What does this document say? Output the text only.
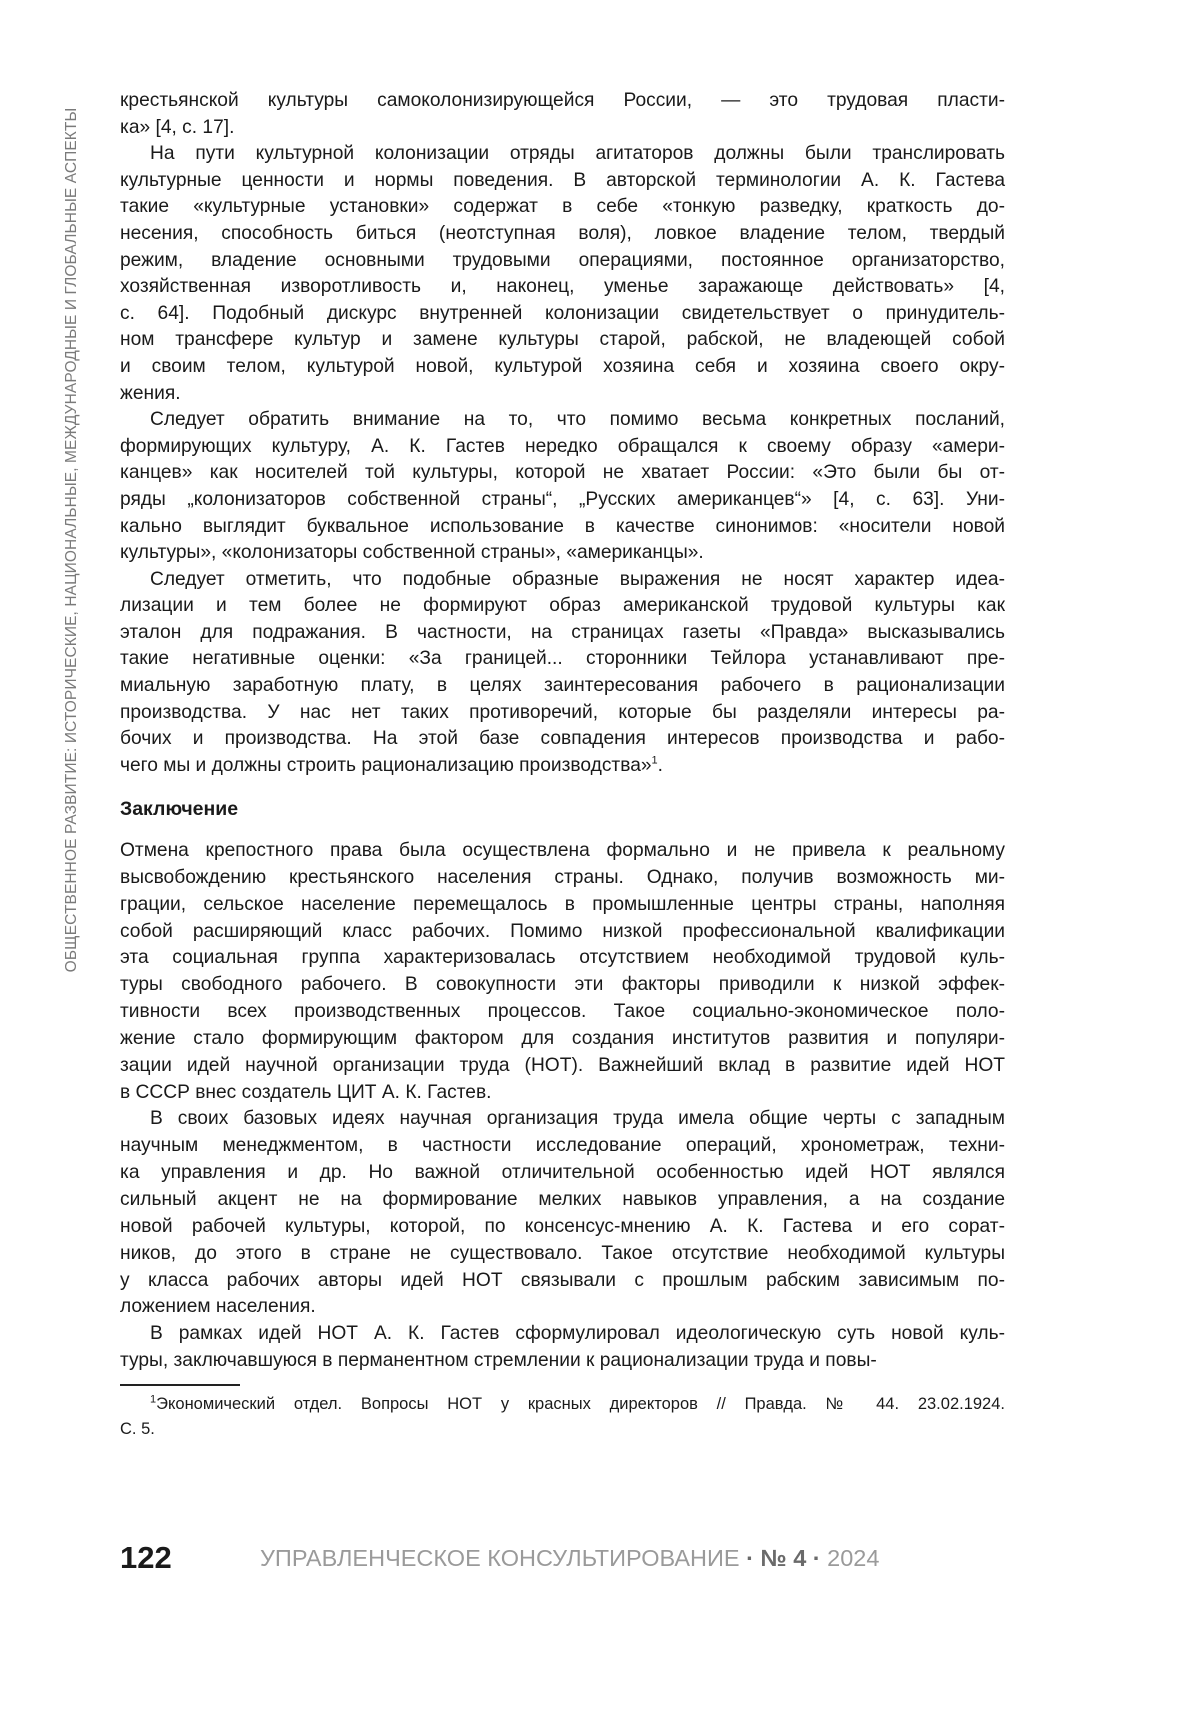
ОБЩЕСТВЕННОЕ РАЗВИТИЕ: ИСТОРИЧЕСКИЕ, НАЦИОНАЛЬНЫЕ, МЕЖДУНАРОДНЫЕ И ГЛОБАЛЬНЫЕ АСПЕКТЫ
крестьянской культуры самоколонизирующейся России, — это трудовая пласти-
ка» [4, с. 17].
На пути культурной колонизации отряды агитаторов должны были транслировать
культурные ценности и нормы поведения. В авторской терминологии А. К. Гастева
такие «культурные установки» содержат в себе «тонкую разведку, краткость до-
несения, способность биться (неотступная воля), ловкое владение телом, твердый
режим, владение основными трудовыми операциями, постоянное организаторство,
хозяйственная изворотливость и, наконец, уменье заражающе действовать» [4,
с. 64]. Подобный дискурс внутренней колонизации свидетельствует о принудитель-
ном трансфере культур и замене культуры старой, рабской, не владеющей собой
и своим телом, культурой новой, культурой хозяина себя и хозяина своего окру-
жения.
Следует обратить внимание на то, что помимо весьма конкретных посланий,
формирующих культуру, А. К. Гастев нередко обращался к своему образу «амери-
канцев» как носителей той культуры, которой не хватает России: «Это были бы от-
ряды „колонизаторов собственной страны“, „Русских американцев“» [4, с. 63]. Уни-
кально выглядит буквальное использование в качестве синонимов: «носители новой
культуры», «колонизаторы собственной страны», «американцы».
Следует отметить, что подобные образные выражения не носят характер идеа-
лизации и тем более не формируют образ американской трудовой культуры как
эталон для подражания. В частности, на страницах газеты «Правда» высказывались
такие негативные оценки: «За границей... сторонники Тейлора устанавливают пре-
миальную заработную плату, в целях заинтересования рабочего в рационализации
производства. У нас нет таких противоречий, которые бы разделяли интересы ра-
бочих и производства. На этой базе совпадения интересов производства и рабо-
чего мы и должны строить рационализацию производства»1.
Заключение
Отмена крепостного права была осуществлена формально и не привела к реальному
высвобождению крестьянского населения страны. Однако, получив возможность ми-
грации, сельское население перемещалось в промышленные центры страны, наполняя
собой расширяющий класс рабочих. Помимо низкой профессиональной квалификации
эта социальная группа характеризовалась отсутствием необходимой трудовой куль-
туры свободного рабочего. В совокупности эти факторы приводили к низкой эффек-
тивности всех производственных процессов. Такое социально-экономическое поло-
жение стало формирующим фактором для создания институтов развития и популяри-
зации идей научной организации труда (НОТ). Важнейший вклад в развитие идей НОТ
в СССР внес создатель ЦИТ А. К. Гастев.
В своих базовых идеях научная организация труда имела общие черты с западным
научным менеджментом, в частности исследование операций, хронометраж, техни-
ка управления и др. Но важной отличительной особенностью идей НОТ являлся
сильный акцент не на формирование мелких навыков управления, а на создание
новой рабочей культуры, которой, по консенсус-мнению А. К. Гастева и его сорат-
ников, до этого в стране не существовало. Такое отсутствие необходимой культуры
у класса рабочих авторы идей НОТ связывали с прошлым рабским зависимым по-
ложением населения.
В рамках идей НОТ А. К. Гастев сформулировал идеологическую суть новой куль-
туры, заключавшуюся в перманентном стремлении к рационализации труда и повы-
1Экономический отдел. Вопросы НОТ у красных директоров // Правда. № 44. 23.02.1924.
С. 5.
122	УПРАВЛЕНЧЕСКОЕ КОНСУЛЬТИРОВАНИЕ · № 4 · 2024
